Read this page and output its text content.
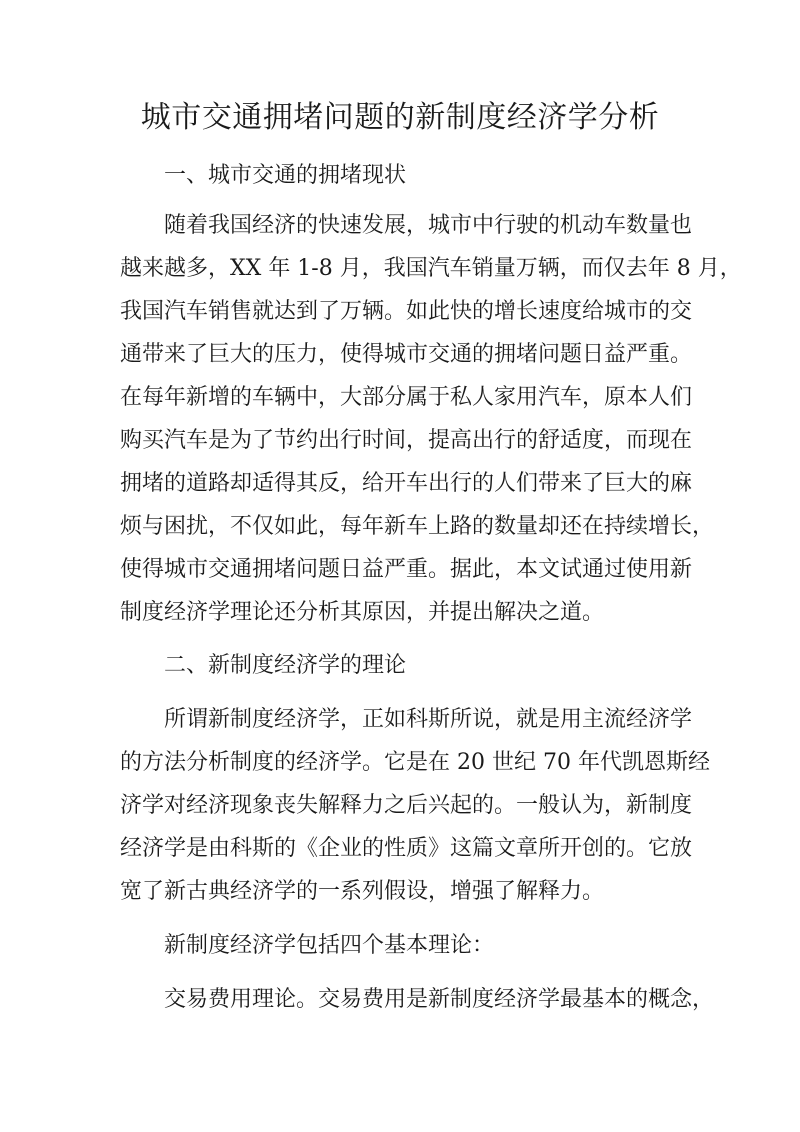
城市交通拥堵问题的新制度经济学分析

一、城市交通的拥堵现状

随着我国经济的快速发展，城市中行驶的机动车数量也

越来越多，XX 年 1-8 月，我国汽车销量万辆，而仅去年 8 月，

我国汽车销售就达到了万辆。如此快的增长速度给城市的交

通带来了巨大的压力，使得城市交通的拥堵问题日益严重。

在每年新增的车辆中，大部分属于私人家用汽车，原本人们

购买汽车是为了节约出行时间，提高出行的舒适度，而现在

拥堵的道路却适得其反，给开车出行的人们带来了巨大的麻

烦与困扰，不仅如此，每年新车上路的数量却还在持续增长，

使得城市交通拥堵问题日益严重。据此，本文试通过使用新

制度经济学理论还分析其原因，并提出解决之道。

二、新制度经济学的理论

所谓新制度经济学，正如科斯所说，就是用主流经济学

的方法分析制度的经济学。它是在 20 世纪 70 年代凯恩斯经

济学对经济现象丧失解释力之后兴起的。一般认为，新制度

经济学是由科斯的《企业的性质》这篇文章所开创的。它放

宽了新古典经济学的一系列假设，增强了解释力。

新制度经济学包括四个基本理论：

交易费用理论。交易费用是新制度经济学最基本的概念，
